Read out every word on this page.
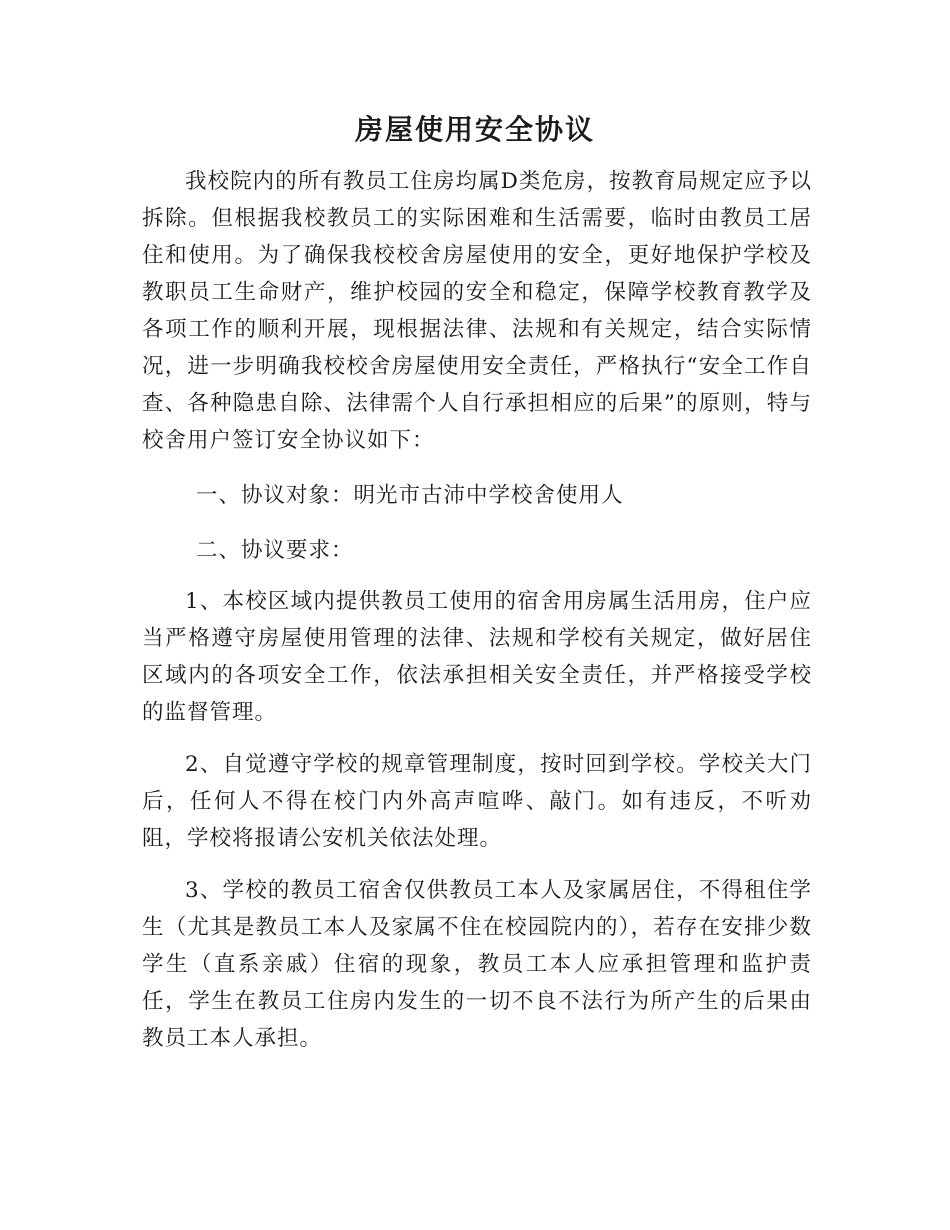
房屋使用安全协议
我校院内的所有教员工住房均属D类危房，按教育局规定应予以拆除。但根据我校教员工的实际困难和生活需要，临时由教员工居住和使用。为了确保我校校舍房屋使用的安全，更好地保护学校及教职员工生命财产，维护校园的安全和稳定，保障学校教育教学及各项工作的顺利开展，现根据法律、法规和有关规定，结合实际情况，进一步明确我校校舍房屋使用安全责任，严格执行“安全工作自查、各种隐患自除、法律需个人自行承担相应的后果”的原则，特与校舍用户签订安全协议如下：
一、协议对象：明光市古沛中学校舍使用人
二、协议要求：
1、本校区域内提供教员工使用的宿舍用房属生活用房，住户应当严格遵守房屋使用管理的法律、法规和学校有关规定，做好居住区域内的各项安全工作，依法承担相关安全责任，并严格接受学校的监督管理。
2、自觉遵守学校的规章管理制度，按时回到学校。学校关大门后，任何人不得在校门内外高声喧哗、敲门。如有违反，不听劝阻，学校将报请公安机关依法处理。
3、学校的教员工宿舍仅供教员工本人及家属居住，不得租住学生（尤其是教员工本人及家属不住在校园院内的），若存在安排少数学生（直系亲戚）住宿的现象，教员工本人应承担管理和监护责任，学生在教员工住房内发生的一切不良不法行为所产生的后果由教员工本人承担。
